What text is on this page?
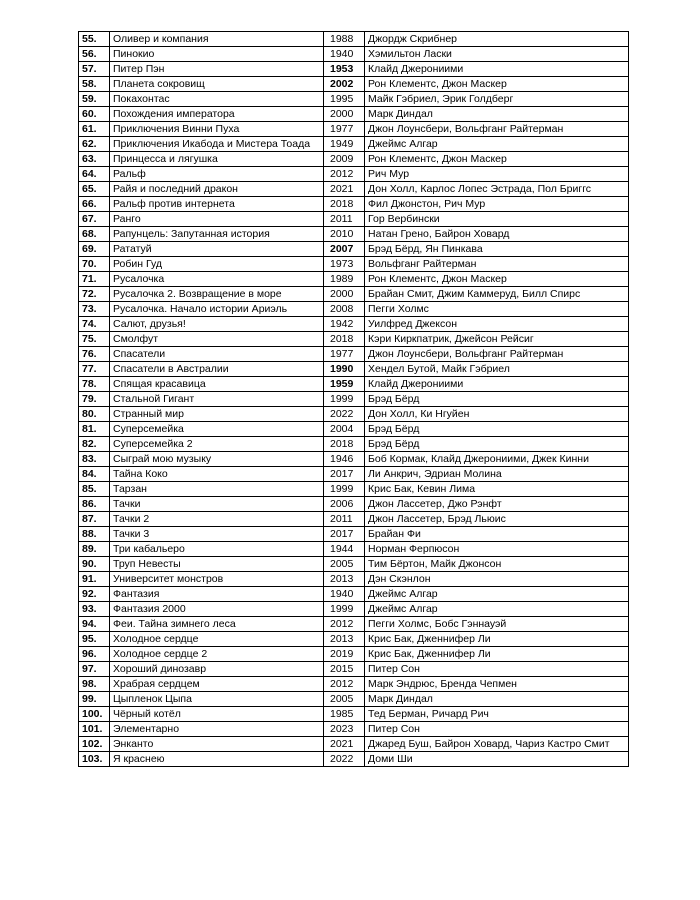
55.	Оливер и компания	1988	Джордж Скрибнер
56.	Пинокио	1940	Хэмильтон Ласки
57.	Питер Пэн	1953	Клайд Джерониими
58.	Планета сокровищ	2002	Рон Клементс, Джон Маскер
59.	Покахонтас	1995	Майк Гэбриел, Эрик Голдберг
60.	Похождения императора	2000	Марк Диндал
61.	Приключения Винни Пуха	1977	Джон Лоунсбери, Вольфганг Райтерман
62.	Приключения Икабода и Мистера Тоада	1949	Джеймс Алгар
63.	Принцесса и лягушка	2009	Рон Клементс, Джон Маскер
64.	Ральф	2012	Рич Мур
65.	Райя и последний дракон	2021	Дон Холл, Карлос Лопес Эстрада, Пол Бриггс
66.	Ральф против интернета	2018	Фил Джонстон, Рич Мур
67.	Ранго	2011	Гор Вербински
68.	Рапунцель: Запутанная история	2010	Натан Грено, Байрон Ховард
69.	Рататуй	2007	Брэд Бёрд, Ян Пинкава
70.	Робин Гуд	1973	Вольфганг Райтерман
71.	Русалочка	1989	Рон Клементс, Джон Маскер
72.	Русалочка 2. Возвращение в море	2000	Брайан Смит, Джим Каммеруд, Билл Спирс
73.	Русалочка. Начало истории Ариэль	2008	Пегги Холмс
74.	Салют, друзья!	1942	Уилфред Джексон
75.	Смолфут	2018	Кэри Киркпатрик, Джейсон Рейсиг
76.	Спасатели	1977	Джон Лоунсбери, Вольфганг Райтерман
77.	Спасатели в Австралии	1990	Хендел Бутой, Майк Гэбриел
78.	Спящая красавица	1959	Клайд Джерониими
79.	Стальной Гигант	1999	Брэд Бёрд
80.	Странный мир	2022	Дон Холл, Ки Нгуйен
81.	Суперсемейка	2004	Брэд Бёрд
82.	Суперсемейка 2	2018	Брэд Бёрд
83.	Сыграй мою музыку	1946	Боб Кормак, Клайд Джерониими, Джек Кинни
84.	Тайна Коко	2017	Ли Анкрич, Эдриан Молина
85.	Тарзан	1999	Крис Бак, Кевин Лима
86.	Тачки	2006	Джон Лассетер, Джо Рэнфт
87.	Тачки 2	2011	Джон Лассетер, Брэд Льюис
88.	Тачки 3	2017	Брайан Фи
89.	Три кабальеро	1944	Норман Ферпюсон
90.	Труп Невесты	2005	Тим Бёртон, Майк Джонсон
91.	Университет монстров	2013	Дэн Скэнлон
92.	Фантазия	1940	Джеймс Алгар
93.	Фантазия 2000	1999	Джеймс Алгар
94.	Феи. Тайна зимнего леса	2012	Пегги Холмс, Бобс Гэннауэй
95.	Холодное сердце	2013	Крис Бак, Дженнифер Ли
96.	Холодное сердце 2	2019	Крис Бак, Дженнифер Ли
97.	Хороший динозавр	2015	Питер Сон
98.	Храбрая сердцем	2012	Марк Эндрюс, Бренда Чепмен
99.	Цыпленок Цыпа	2005	Марк Диндал
100.	Чёрный котёл	1985	Тед Берман, Ричард Рич
101.	Элементарно	2023	Питер Сон
102.	Энканто	2021	Джаред Буш, Байрон Ховард, Чариз Кастро Смит
103.	Я краснею	2022	Доми Ши
